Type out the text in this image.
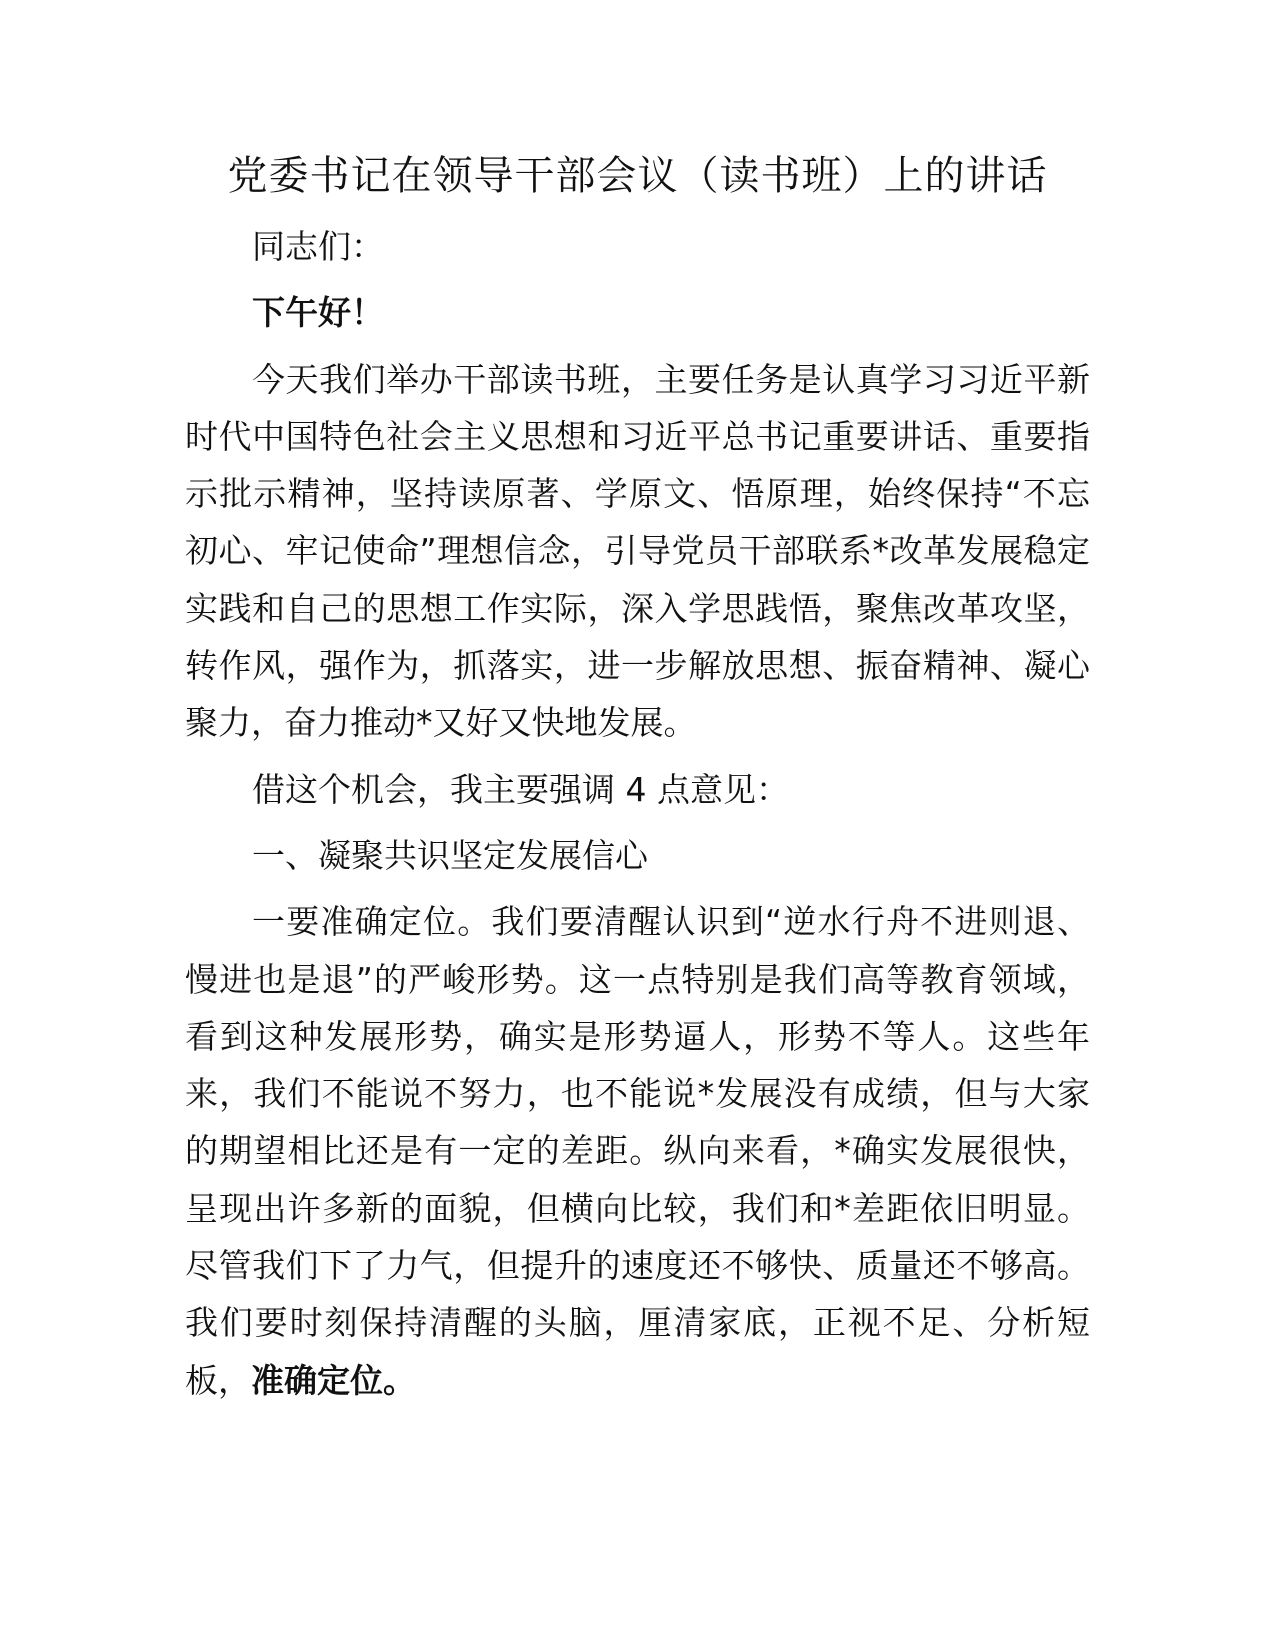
党委书记在领导干部会议（读书班）上的讲话

同志们：

下午好！

今天我们举办干部读书班，主要任务是认真学习习近平新时代中国特色社会主义思想和习近平总书记重要讲话、重要指示批示精神，坚持读原著、学原文、悟原理，始终保持“不忘初心、牢记使命”理想信念，引导党员干部联系*改革发展稳定实践和自己的思想工作实际，深入学思践悟，聚焦改革攻坚，转作风，强作为，抓落实，进一步解放思想、振奋精神、凝心聚力，奋力推动*又好又快地发展。

借这个机会，我主要强调 4 点意见：

一、凝聚共识坚定发展信心

一要准确定位。我们要清醒认识到“逆水行舟不进则退、慢进也是退”的严峻形势。这一点特别是我们高等教育领域，看到这种发展形势，确实是形势逼人，形势不等人。这些年来，我们不能说不努力，也不能说*发展没有成绩，但与大家的期望相比还是有一定的差距。纵向来看，*确实发展很快，呈现出许多新的面貌，但横向比较，我们和*差距依旧明显。尽管我们下了力气，但提升的速度还不够快、质量还不够高。我们要时刻保持清醒的头脑，厘清家底，正视不足、分析短板，准确定位。
